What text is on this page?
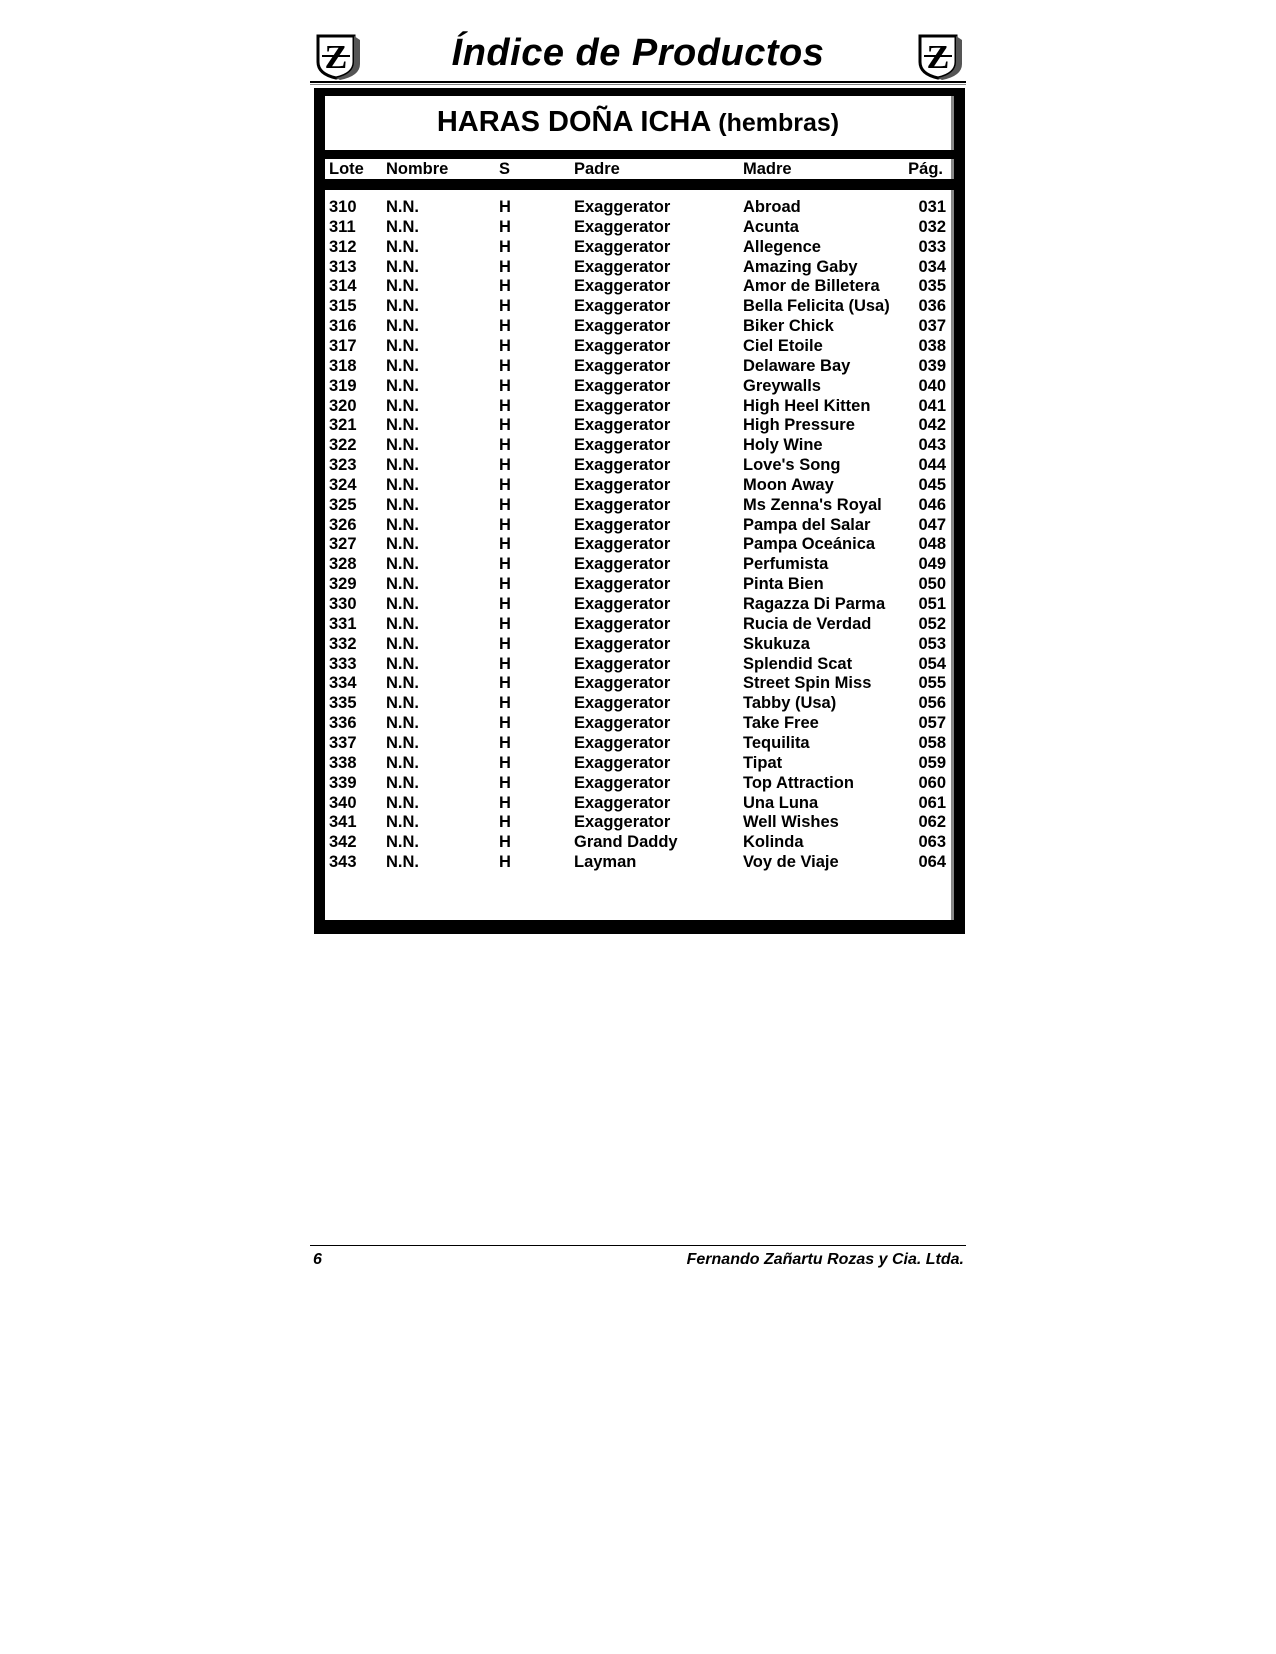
Z	Índice de Productos	Z
HARAS DOÑA ICHA (hembras)
Lote Nombre	S	Padre	Madre	Pág.
310 N.N.	H	Exaggerator	Abroad	031
311 N.N.	H	Exaggerator	Acunta	032
312 N.N.	H	Exaggerator	Allegence	033
313 N.N.	H	Exaggerator	Amazing Gaby	034
314 N.N.	H	Exaggerator	Amor de Billetera 035
315 N.N.	H	Exaggerator	Bella Felicita (Usa) 036
316 N.N.	H	Exaggerator	Biker Chick	037
317 N.N.	H	Exaggerator	Ciel Etoile	038
318 N.N.	H	Exaggerator	Delaware Bay	039
319 N.N.	H	Exaggerator	Greywalls	040
320 N.N.	H	Exaggerator	High Heel Kitten	041
321 N.N.	H	Exaggerator	High Pressure	042
322 N.N.	H	Exaggerator	Holy Wine	043
323 N.N.	H	Exaggerator	Love's Song	044
324 N.N.	H	Exaggerator	Moon Away	045
325 N.N.	H	Exaggerator	Ms Zenna's Royal 046
326 N.N.	H	Exaggerator	Pampa del Salar	047
327 N.N.	H	Exaggerator	Pampa Oceánica	048
328 N.N.	H	Exaggerator	Perfumista	049
329 N.N.	H	Exaggerator	Pinta Bien	050
330 N.N.	H	Exaggerator	Ragazza Di Parma 051
331 N.N.	H	Exaggerator	Rucia de Verdad	052
332 N.N.	H	Exaggerator	Skukuza	053
333 N.N.	H	Exaggerator	Splendid Scat	054
334 N.N.	H	Exaggerator	Street Spin Miss	055
335 N.N.	H	Exaggerator	Tabby (Usa)	056
336 N.N.	H	Exaggerator	Take Free	057
337 N.N.	H	Exaggerator	Tequilita	058
338 N.N.	H	Exaggerator	Tipat	059
339 N.N.	H	Exaggerator	Top Attraction	060
340 N.N.	H	Exaggerator	Una Luna	061
341 N.N.	H	Exaggerator	Well Wishes	062
342 N.N.	H	Grand Daddy	Kolinda	063
343 N.N.	H	Layman	Voy de Viaje	064
6	Fernando Zañartu Rozas y Cia. Ltda.
